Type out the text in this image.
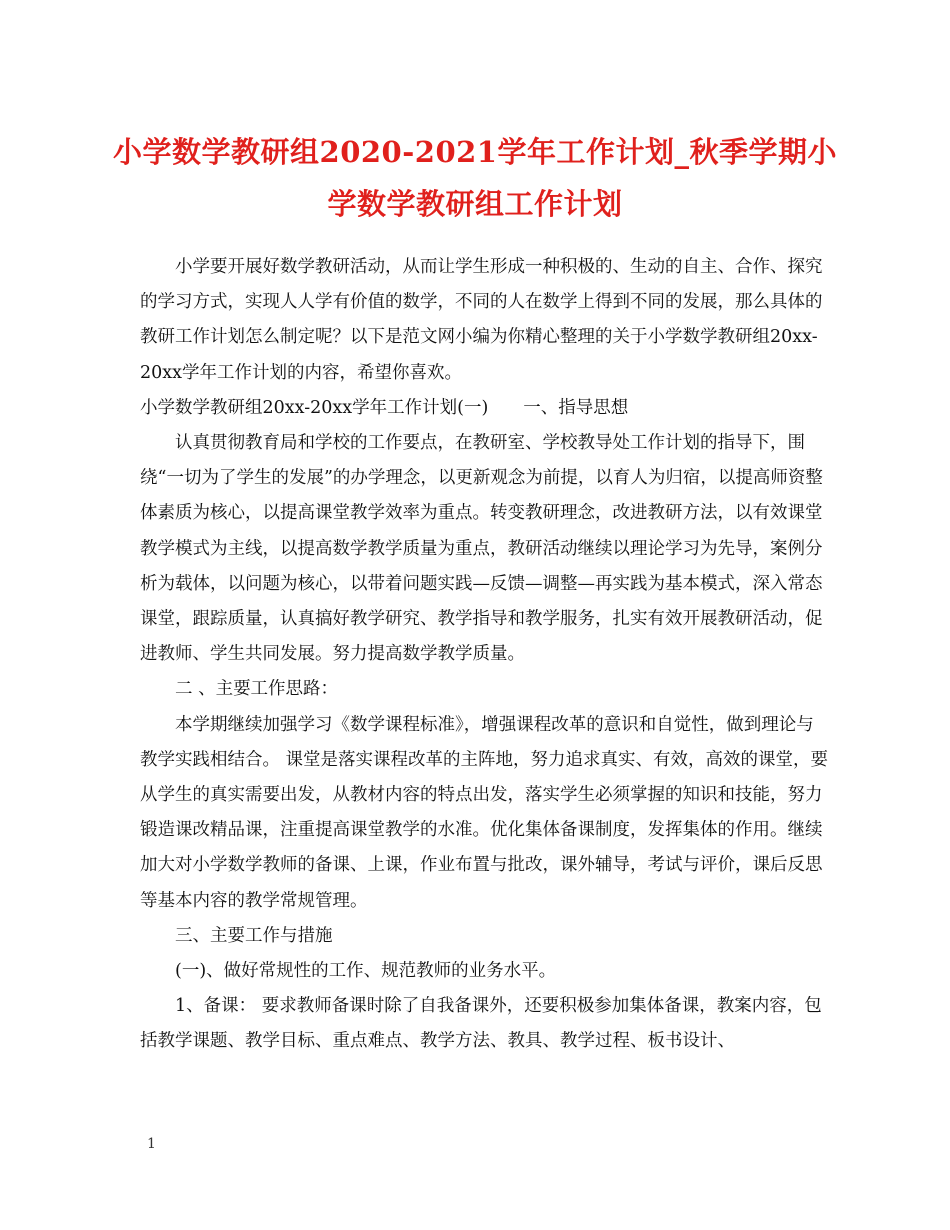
小学数学教研组2020-2021学年工作计划_秋季学期小学数学教研组工作计划

小学要开展好数学教研活动，从而让学生形成一种积极的、生动的自主、合作、探究的学习方式，实现人人学有价值的数学，不同的人在数学上得到不同的发展，那么具体的教研工作计划怎么制定呢？以下是范文网小编为你精心整理的关于小学数学教研组20xx-20xx学年工作计划的内容，希望你喜欢。

小学数学教研组20xx-20xx学年工作计划(一)　　一、指导思想

认真贯彻教育局和学校的工作要点，在教研室、学校教导处工作计划的指导下，围绕“一切为了学生的发展”的办学理念，以更新观念为前提，以育人为归宿，以提高师资整体素质为核心，以提高课堂教学效率为重点。转变教研理念，改进教研方法，以有效课堂教学模式为主线，以提高数学教学质量为重点，教研活动继续以理论学习为先导，案例分析为载体，以问题为核心，以带着问题实践—反馈—调整—再实践为基本模式，深入常态课堂，跟踪质量，认真搞好教学研究、教学指导和教学服务，扎实有效开展教研活动，促进教师、学生共同发展。努力提高数学教学质量。

二 、主要工作思路：

本学期继续加强学习《数学课程标准》，增强课程改革的意识和自觉性，做到理论与教学实践相结合。 课堂是落实课程改革的主阵地，努力追求真实、有效，高效的课堂，要从学生的真实需要出发，从教材内容的特点出发，落实学生必须掌握的知识和技能，努力锻造课改精品课，注重提高课堂教学的水准。优化集体备课制度，发挥集体的作用。继续加大对小学数学教师的备课、上课，作业布置与批改，课外辅导，考试与评价，课后反思等基本内容的教学常规管理。

三、主要工作与措施

(一)、做好常规性的工作、规范教师的业务水平。

1、备课： 要求教师备课时除了自我备课外，还要积极参加集体备课，教案内容，包括教学课题、教学目标、重点难点、教学方法、教具、教学过程、板书设计、

1
